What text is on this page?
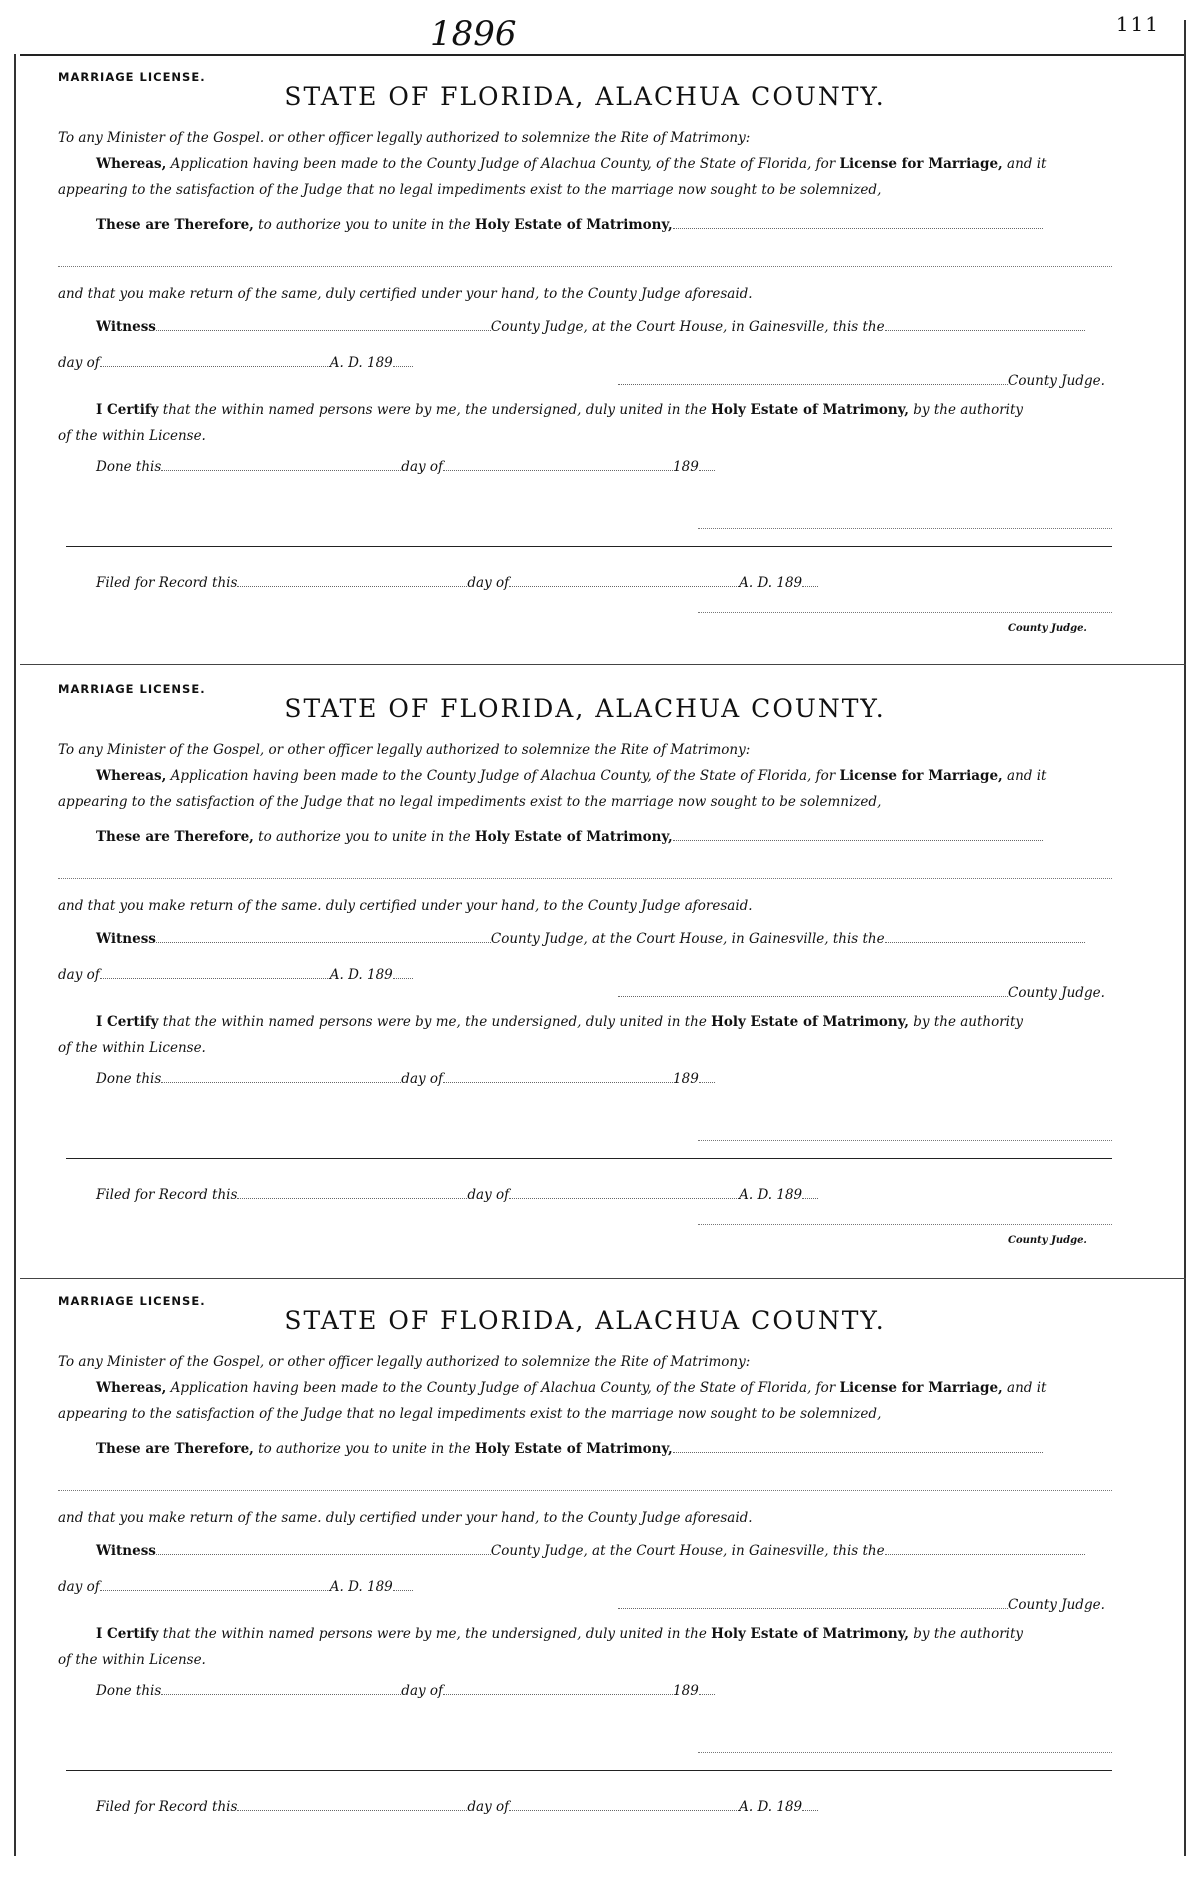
1896	111
MARRIAGE LICENSE.
STATE OF FLORIDA, ALACHUA COUNTY.
To any Minister of the Gospel. or other officer legally authorized to solemnize the Rite of Matrimony:
Whereas, Application having been made to the County Judge of Alachua County, of the State of Florida, for License for Marriage, and it
appearing to the satisfaction of the Judge that no legal impediments exist to the marriage now sought to be solemnized,
These are Therefore, to authorize you to unite in the Holy Estate of Matrimony,
and that you make return of the same, duly certified under your hand, to the County Judge aforesaid.
Witness	County Judge, at the Court House, in Gainesville, this the
day of	A. D. 189
County Judge.
I Certify that the within named persons were by me, the undersigned, duly united in the Holy Estate of Matrimony, by the authority
of the within License.
Done this	day of	189
Filed for Record this	day of	A. D. 189
County Judge.
MARRIAGE LICENSE.
STATE OF FLORIDA, ALACHUA COUNTY.
To any Minister of the Gospel, or other officer legally authorized to solemnize the Rite of Matrimony:
Whereas, Application having been made to the County Judge of Alachua County, of the State of Florida, for License for Marriage, and it
appearing to the satisfaction of the Judge that no legal impediments exist to the marriage now sought to be solemnized,
These are Therefore, to authorize you to unite in the Holy Estate of Matrimony,
and that you make return of the same. duly certified under your hand, to the County Judge aforesaid.
Witness	County Judge, at the Court House, in Gainesville, this the
day of	A. D. 189
County Judge.
I Certify that the within named persons were by me, the undersigned, duly united in the Holy Estate of Matrimony, by the authority
of the within License.
Done this	day of	189
Filed for Record this	day of	A. D. 189
County Judge.
MARRIAGE LICENSE.
STATE OF FLORIDA, ALACHUA COUNTY.
To any Minister of the Gospel, or other officer legally authorized to solemnize the Rite of Matrimony:
Whereas, Application having been made to the County Judge of Alachua County, of the State of Florida, for License for Marriage, and it
appearing to the satisfaction of the Judge that no legal impediments exist to the marriage now sought to be solemnized,
These are Therefore, to authorize you to unite in the Holy Estate of Matrimony,
and that you make return of the same. duly certified under your hand, to the County Judge aforesaid.
Witness	County Judge, at the Court House, in Gainesville, this the
day of	A. D. 189
County Judge.
I Certify that the within named persons were by me, the undersigned, duly united in the Holy Estate of Matrimony, by the authority
of the within License.
Done this	day of	189
Filed for Record this	day of	A. D. 189
